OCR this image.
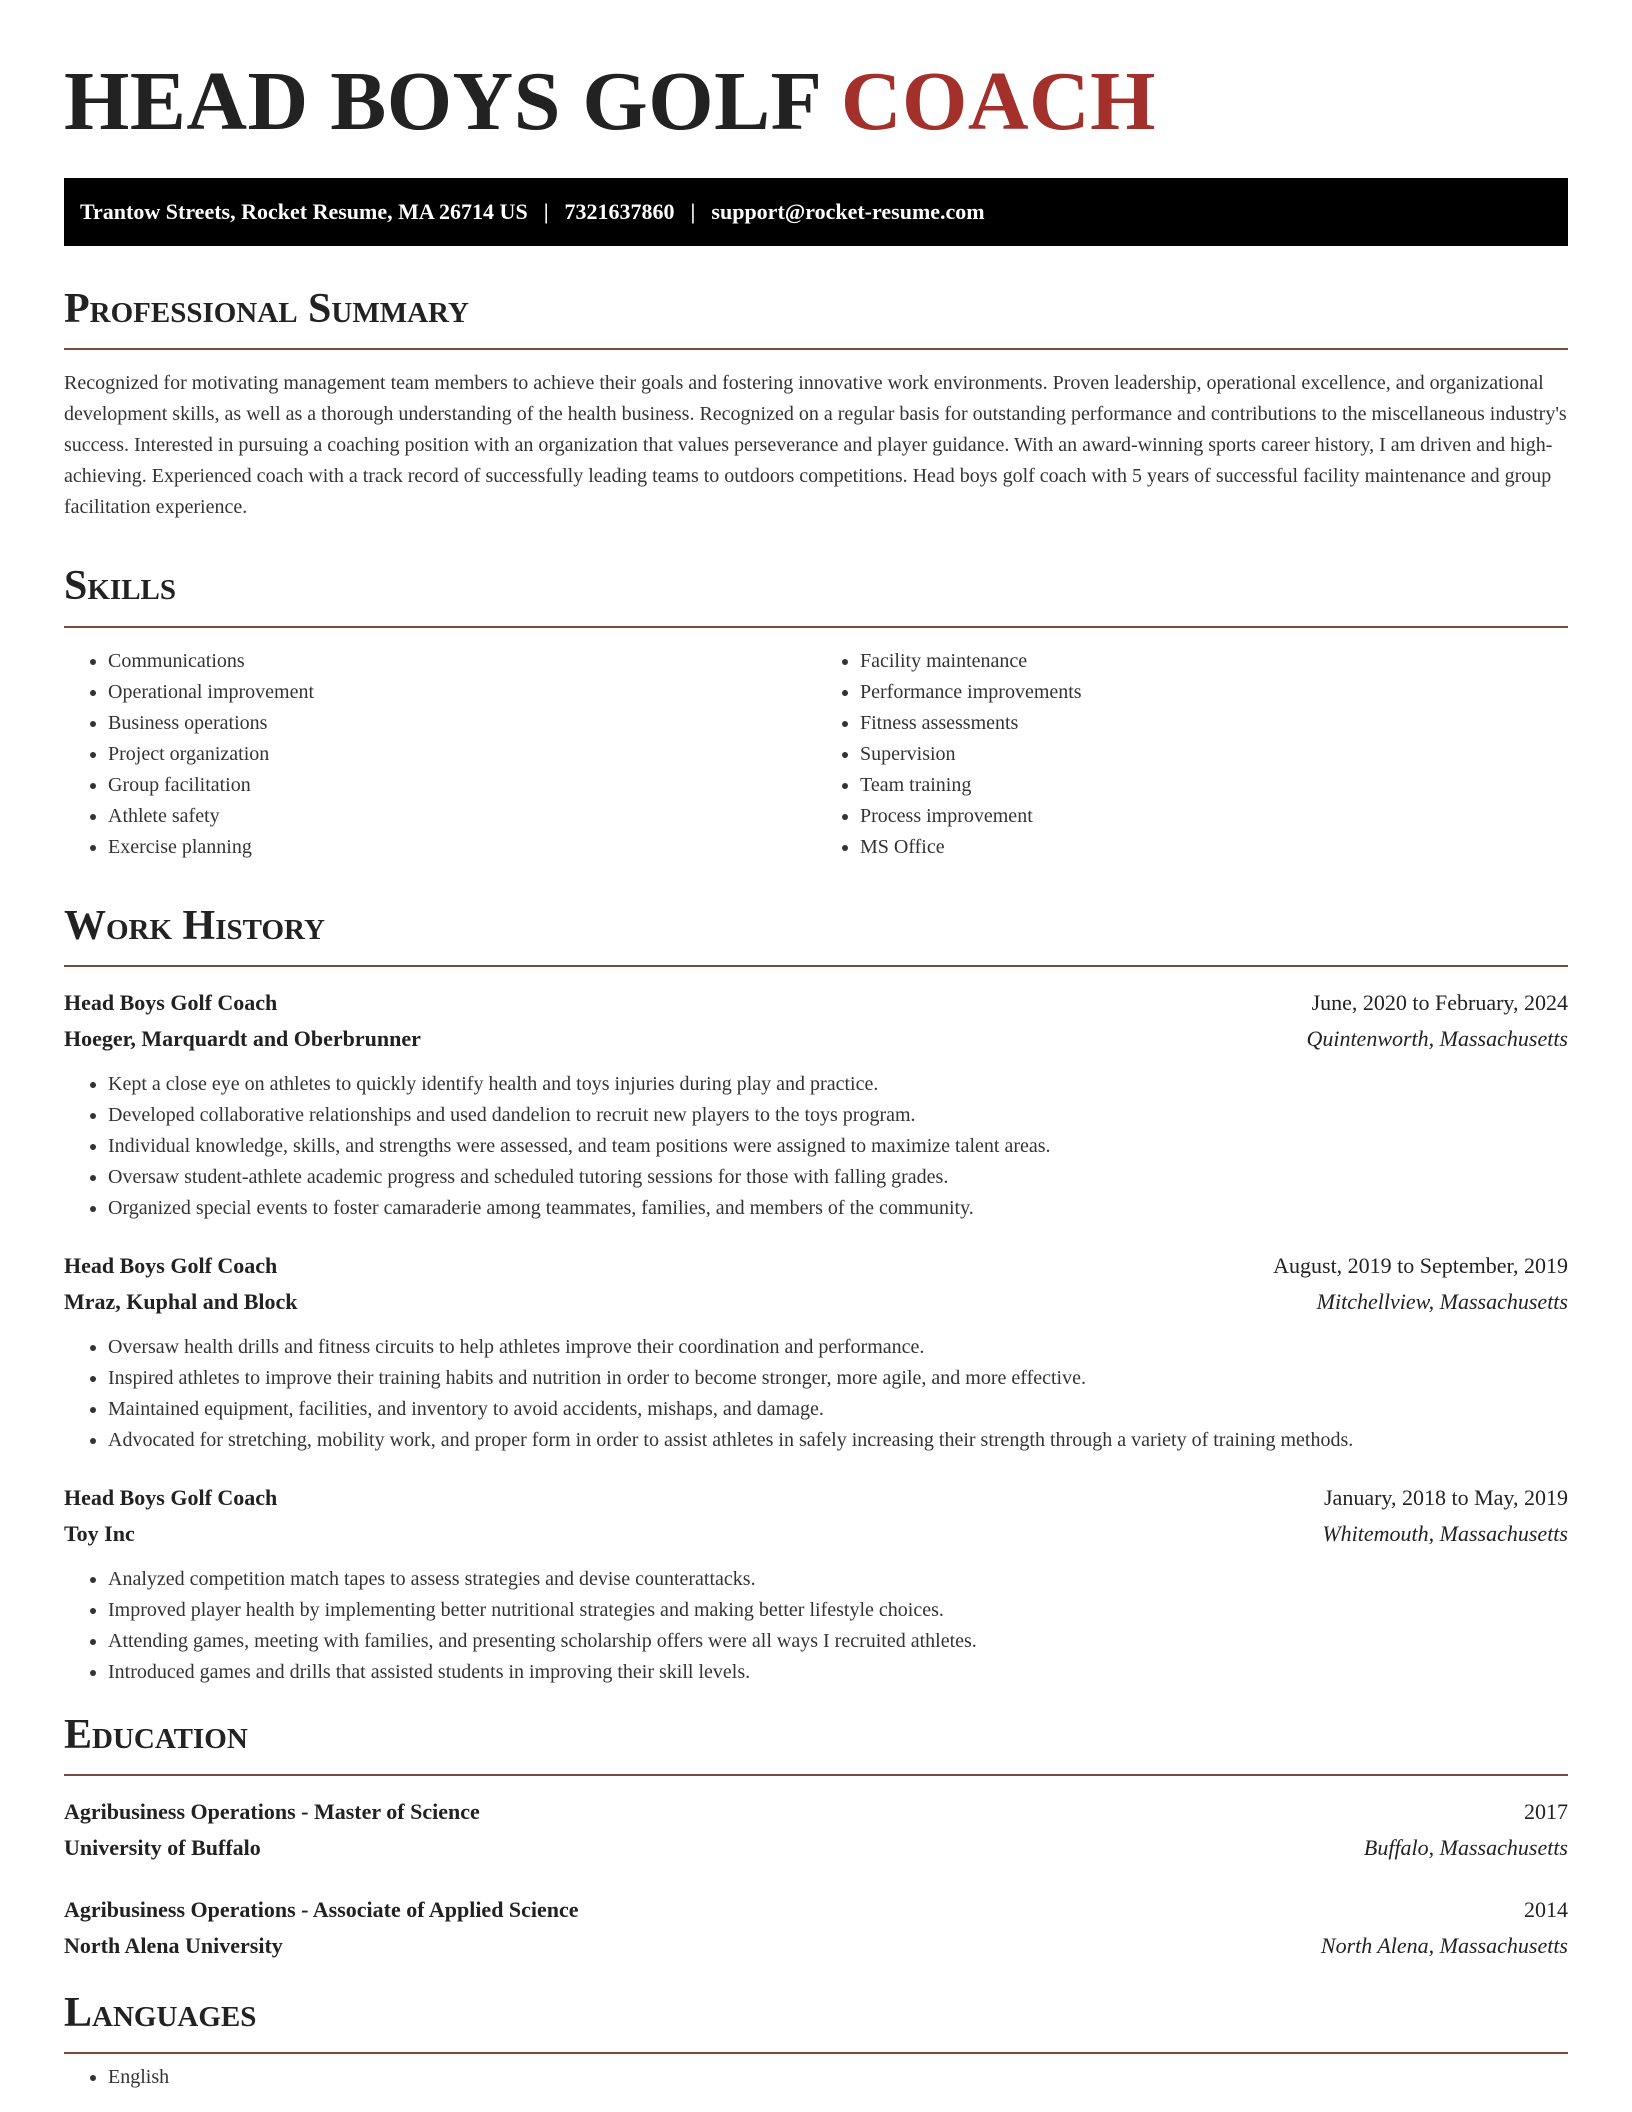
HEAD BOYS GOLF COACH
Trantow Streets, Rocket Resume, MA 26714 US | 7321637860 | support@rocket-resume.com
Professional Summary

Recognized for motivating management team members to achieve their goals and fostering innovative work environments. Proven leadership, operational excellence, and organizational development skills, as well as a thorough understanding of the health business. Recognized on a regular basis for outstanding performance and contributions to the miscellaneous industry's success. Interested in pursuing a coaching position with an organization that values perseverance and player guidance. With an award-winning sports career history, I am driven and high-achieving. Experienced coach with a track record of successfully leading teams to outdoors competitions. Head boys golf coach with 5 years of successful facility maintenance and group facilitation experience.

Skills
• Communications
• Operational improvement
• Business operations
• Project organization
• Group facilitation
• Athlete safety
• Exercise planning
• Facility maintenance
• Performance improvements
• Fitness assessments
• Supervision
• Team training
• Process improvement
• MS Office
Work History
Head Boys Golf Coach	June, 2020 to February, 2024
Hoeger, Marquardt and Oberbrunner	Quintenworth, Massachusetts
• Kept a close eye on athletes to quickly identify health and toys injuries during play and practice.
• Developed collaborative relationships and used dandelion to recruit new players to the toys program.
• Individual knowledge, skills, and strengths were assessed, and team positions were assigned to maximize talent areas.
• Oversaw student-athlete academic progress and scheduled tutoring sessions for those with falling grades.
• Organized special events to foster camaraderie among teammates, families, and members of the community.
Head Boys Golf Coach	August, 2019 to September, 2019
Mraz, Kuphal and Block	Mitchellview, Massachusetts
• Oversaw health drills and fitness circuits to help athletes improve their coordination and performance.
• Inspired athletes to improve their training habits and nutrition in order to become stronger, more agile, and more effective.
• Maintained equipment, facilities, and inventory to avoid accidents, mishaps, and damage.
• Advocated for stretching, mobility work, and proper form in order to assist athletes in safely increasing their strength through a variety of training methods.
Head Boys Golf Coach	January, 2018 to May, 2019
Toy Inc	Whitemouth, Massachusetts
• Analyzed competition match tapes to assess strategies and devise counterattacks.
• Improved player health by implementing better nutritional strategies and making better lifestyle choices.
• Attending games, meeting with families, and presenting scholarship offers were all ways I recruited athletes.
• Introduced games and drills that assisted students in improving their skill levels.
Education
Agribusiness Operations - Master of Science	2017
University of Buffalo	Buffalo, Massachusetts
Agribusiness Operations - Associate of Applied Science	2014
North Alena University	North Alena, Massachusetts
Languages
• English
